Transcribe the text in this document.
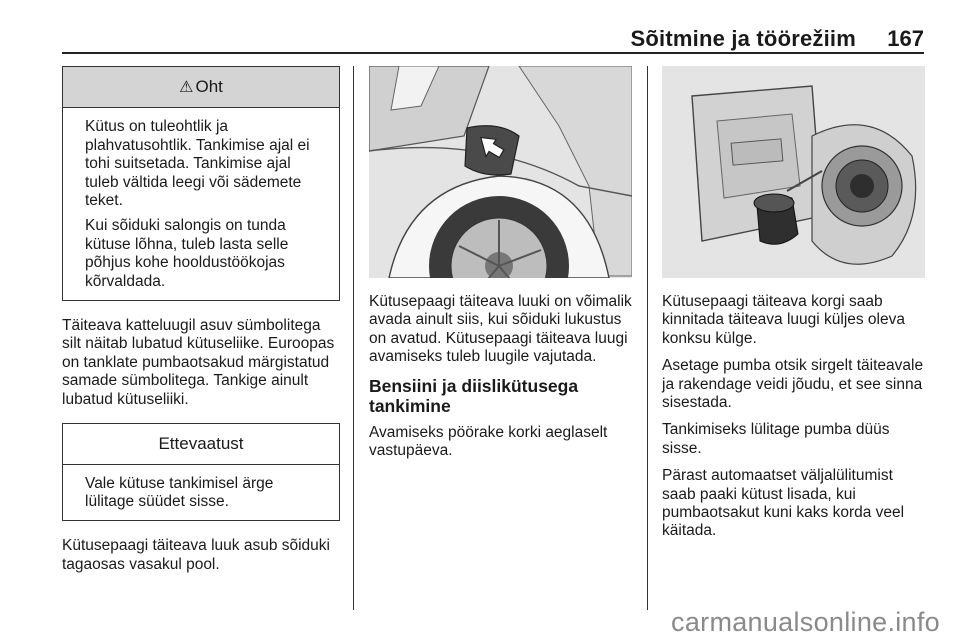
Sõitmine ja töörežiim 167
⚠ Oht

Kütus on tuleohtlik ja plahvatusohtlik. Tankimise ajal ei tohi suitsetada. Tankimise ajal tuleb vältida leegi või sädemete teket.

Kui sõiduki salongis on tunda kütuse lõhna, tuleb lasta selle põhjus kohe hooldustöökojas kõrvaldada.

Täiteava katteluugil asuv sümbolitega silt näitab lubatud kütuseliike. Euroopas on tanklate pumbaotsakud märgistatud samade sümbolitega. Tankige ainult lubatud kütuseliiki.

Ettevaatust

Vale kütuse tankimisel ärge lülitage süüdet sisse.

Kütusepaagi täiteava luuk asub sõiduki tagaosas vasakul pool.

Kütusepaagi täiteava luuki on võimalik avada ainult siis, kui sõiduki lukustus on avatud. Kütusepaagi täiteava luugi avamiseks tuleb luugile vajutada.

Bensiini ja diislikütusega tankimine

Avamiseks pöörake korki aeglaselt vastupäeva.

Kütusepaagi täiteava korgi saab kinnitada täiteava luugi küljes oleva konksu külge.

Asetage pumba otsik sirgelt täiteavale ja rakendage veidi jõudu, et see sinna sisestada.

Tankimiseks lülitage pumba düüs sisse.

Pärast automaatset väljalülitumist saab paaki kütust lisada, kui pumbaotsakut kuni kaks korda veel käitada.

carmanualsonline.info
